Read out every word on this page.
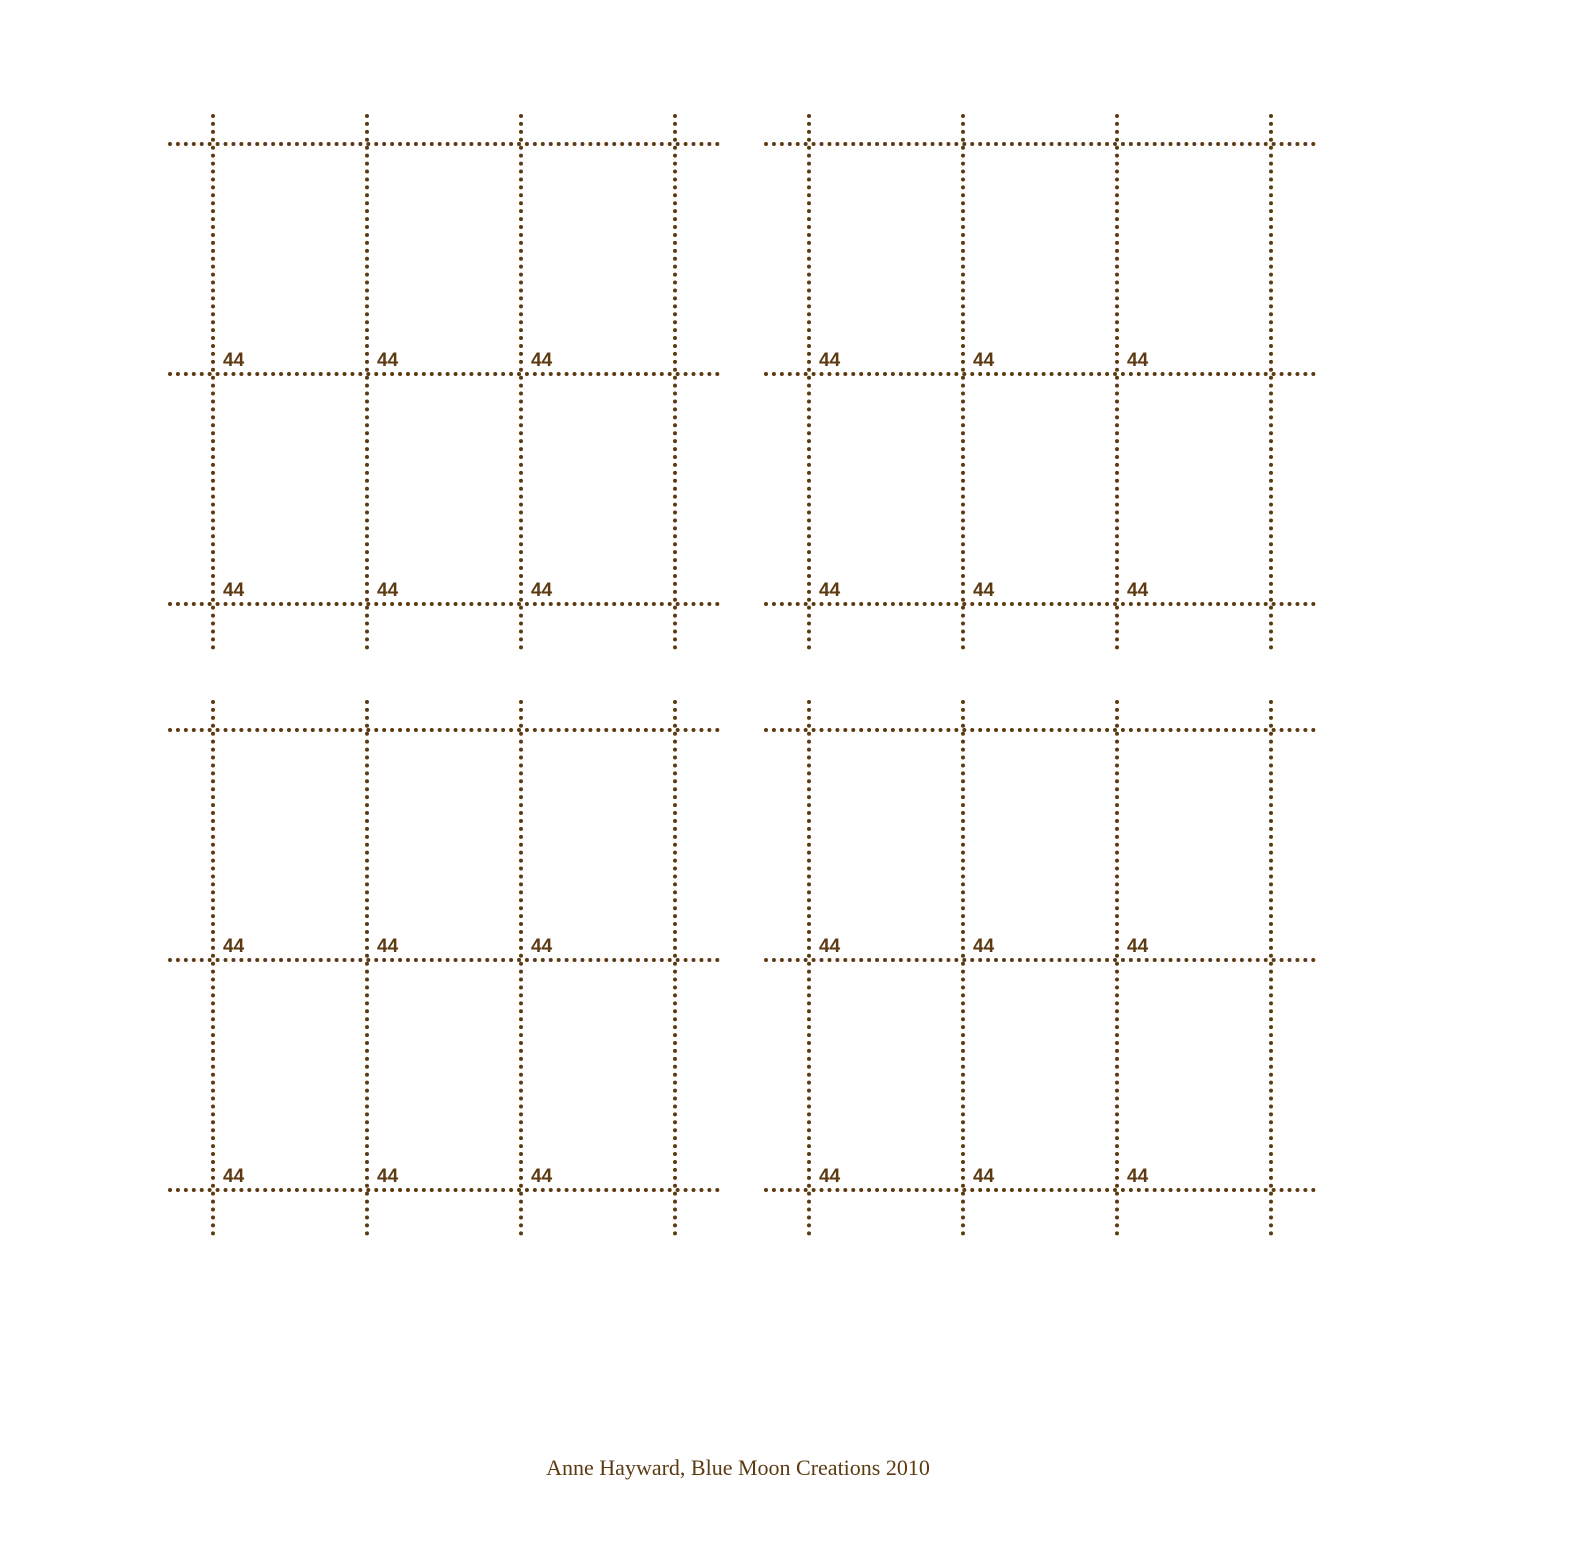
44	44	44
44	44	44
44	44	44
44	44	44
44	44	44
44	44	44
44	44	44
44	44	44
Anne Hayward, Blue Moon Creations 2010
